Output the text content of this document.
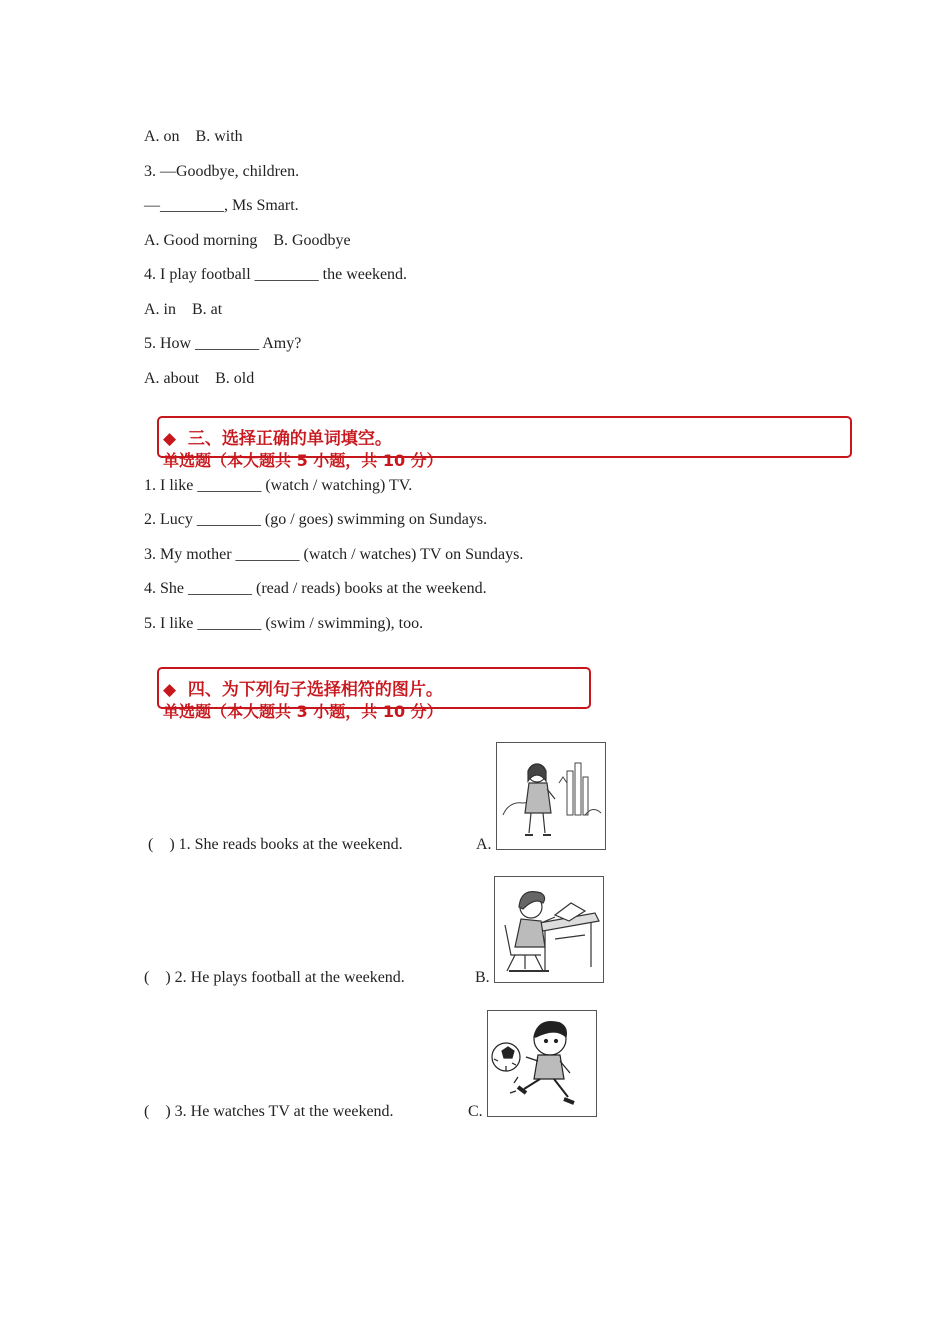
A. on    B. with
3. —Goodbye, children.
—________, Ms Smart.
A. Good morning    B. Goodbye
4. I play football ________ the weekend.
A. in    B. at
5. How ________ Amy?
A. about    B. old
◆  三、选择正确的单词填空。
单选题（本大题共 5 小题，共 10 分）
1. I like ________ (watch / watching) TV.
2. Lucy ________ (go / goes) swimming on Sundays.
3. My mother ________ (watch / watches) TV on Sundays.
4. She ________ (read / reads) books at the weekend.
5. I like ________ (swim / swimming), too.
◆  四、为下列句子选择相符的图片。
单选题（本大题共 3 小题，共 10 分）
(    ) 1. She reads books at the weekend.	A.
(    ) 2. He plays football at the weekend.	B.
(    ) 3. He watches TV at the weekend.	C.
